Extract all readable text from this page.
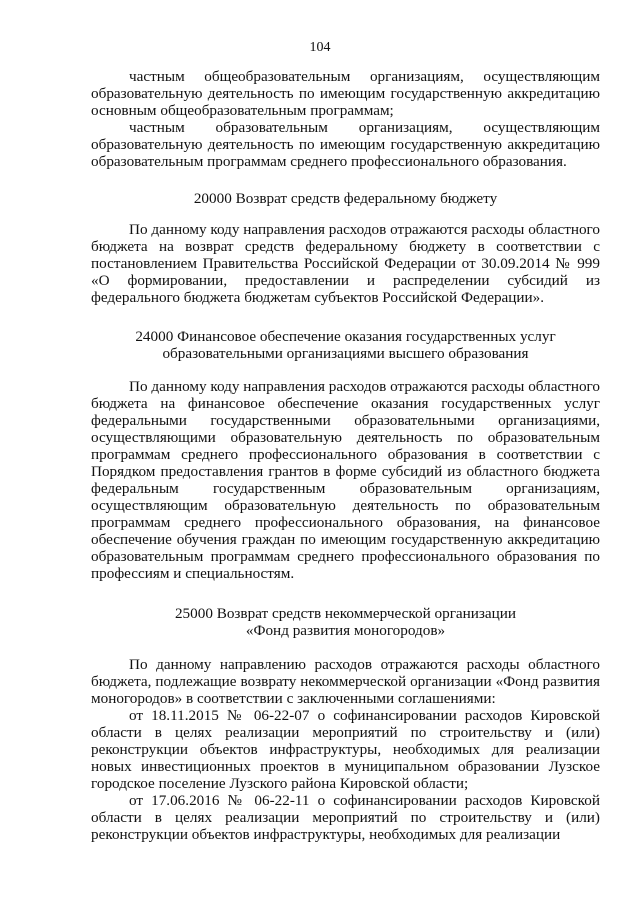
104

частным общеобразовательным организациям, осуществляющим образовательную деятельность по имеющим государственную аккредитацию основным общеобразовательным программам;

частным образовательным организациям, осуществляющим образовательную деятельность по имеющим государственную аккредитацию образовательным программам среднего профессионального образования.

20000 Возврат средств федеральному бюджету

По данному коду направления расходов отражаются расходы областного бюджета на возврат средств федеральному бюджету в соответствии с постановлением Правительства Российской Федерации от 30.09.2014 № 999 «О формировании, предоставлении и распределении субсидий из федерального бюджета бюджетам субъектов Российской Федерации».

24000 Финансовое обеспечение оказания государственных услуг

образовательными организациями высшего образования

По данному коду направления расходов отражаются расходы областного бюджета на финансовое обеспечение оказания государственных услуг федеральными государственными образовательными организациями, осуществляющими образовательную деятельность по образовательным программам среднего профессионального образования в соответствии с Порядком предоставления грантов в форме субсидий из областного бюджета федеральным государственным образовательным организациям, осуществляющим образовательную деятельность по образовательным программам среднего профессионального образования, на финансовое обеспечение обучения граждан по имеющим государственную аккредитацию образовательным программам среднего профессионального образования по профессиям и специальностям.

25000 Возврат средств некоммерческой организации

«Фонд развития моногородов»

По данному направлению расходов отражаются расходы областного бюджета, подлежащие возврату некоммерческой организации «Фонд развития моногородов» в соответствии с заключенными соглашениями:

от 18.11.2015 № 06-22-07 о софинансировании расходов Кировской области в целях реализации мероприятий по строительству и (или) реконструкции объектов инфраструктуры, необходимых для реализации новых инвестиционных проектов в муниципальном образовании Лузское городское поселение Лузского района Кировской области;

от 17.06.2016 № 06-22-11 о софинансировании расходов Кировской области в целях реализации мероприятий по строительству и (или) реконструкции объектов инфраструктуры, необходимых для реализации
